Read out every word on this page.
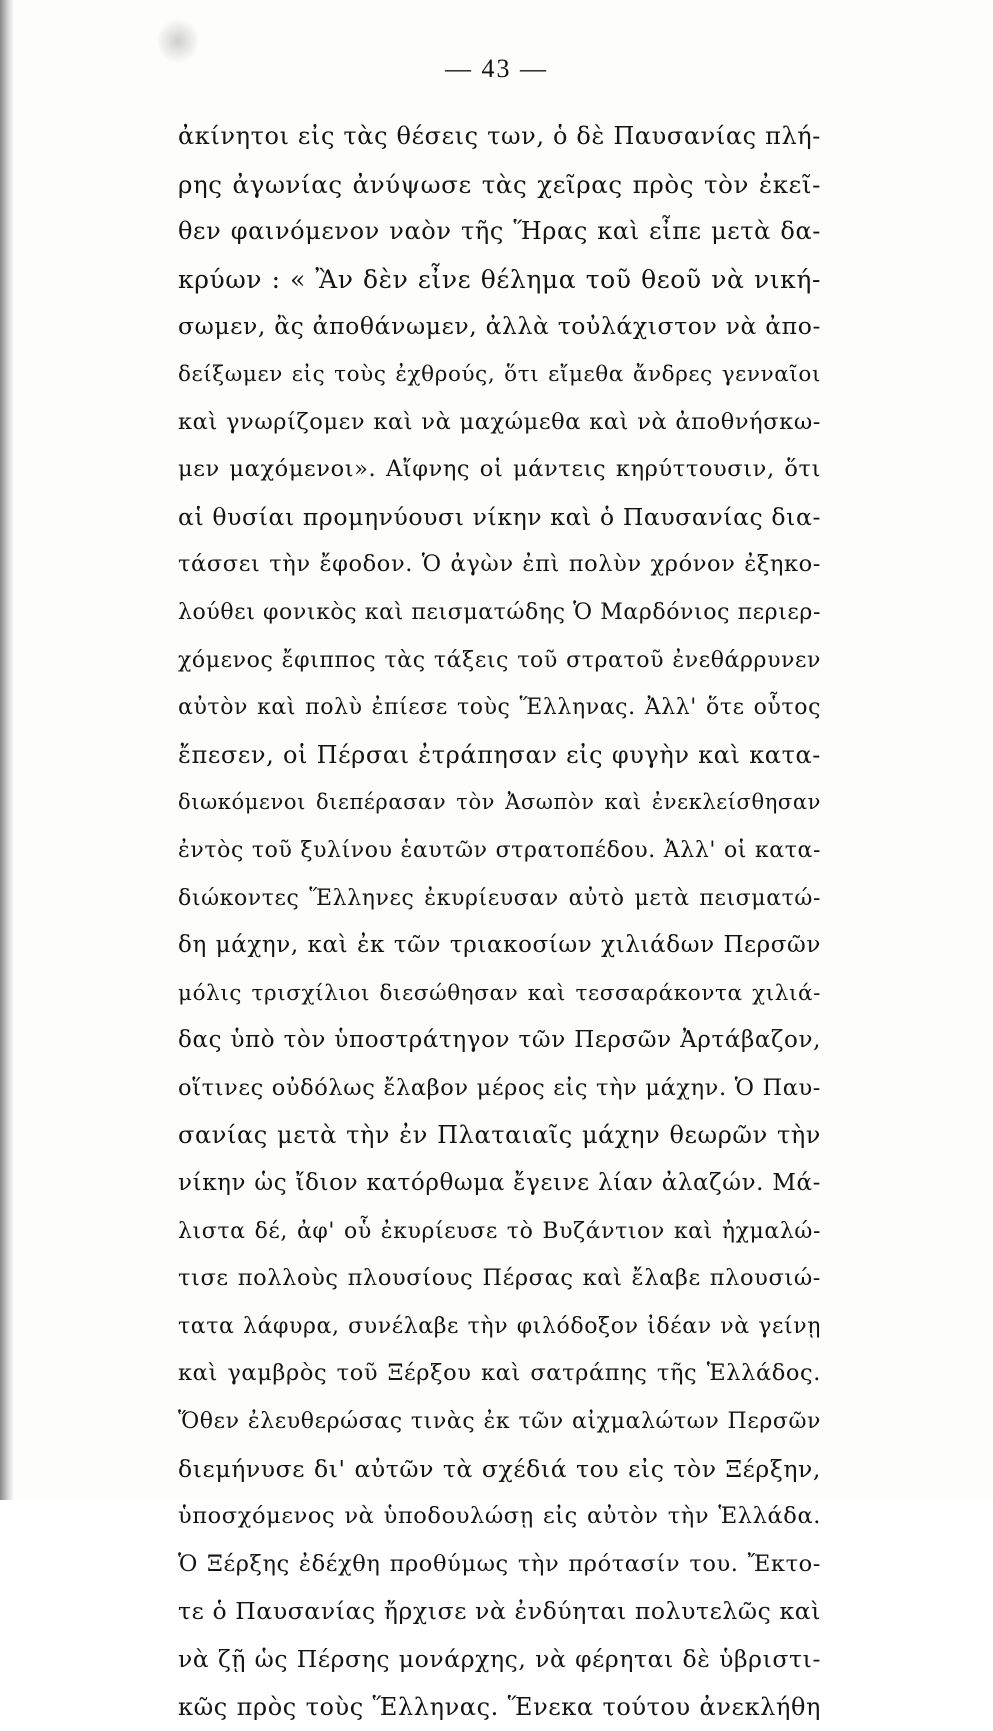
— 43 —
ἀκίνητοι εἰς τὰς θέσεις των, ὁ δὲ Παυσανίας πλή-
ρης ἀγωνίας ἀνύψωσε τὰς χεῖρας πρὸς τὸν ἐκεῖ-
θεν φαινόμενον ναὸν τῆς Ἥρας καὶ εἶπε μετὰ δα-
κρύων : « Ἂν δὲν εἶνε θέλημα τοῦ θεοῦ νὰ νική-
σωμεν, ἂς ἀποθάνωμεν, ἀλλὰ τοὐλάχιστον νὰ ἀπο-
δείξωμεν εἰς τοὺς ἐχθρούς, ὅτι εἴμεθα ἄνδρες γενναῖοι
καὶ γνωρίζομεν καὶ νὰ μαχώμεθα καὶ νὰ ἀποθνήσκω-
μεν μαχόμενοι». Αἴφνης οἱ μάντεις κηρύττουσιν, ὅτι
αἱ θυσίαι προμηνύουσι νίκην καὶ ὁ Παυσανίας δια-
τάσσει τὴν ἔφοδον. Ὁ ἀγὼν ἐπὶ πολὺν χρόνον ἐξηκο-
λούθει φονικὸς καὶ πεισματώδης Ὁ Μαρδόνιος περιερ-
χόμενος ἔφιππος τὰς τάξεις τοῦ στρατοῦ ἐνεθάρρυνεν
αὐτὸν καὶ πολὺ ἐπίεσε τοὺς Ἕλληνας. Ἀλλ' ὅτε οὗτος
ἔπεσεν, οἱ Πέρσαι ἐτράπησαν εἰς φυγὴν καὶ κατα-
διωκόμενοι διεπέρασαν τὸν Ἀσωπὸν καὶ ἐνεκλείσθησαν
ἐντὸς τοῦ ξυλίνου ἑαυτῶν στρατοπέδου. Ἀλλ' οἱ κατα-
διώκοντες Ἕλληνες ἐκυρίευσαν αὐτὸ μετὰ πεισματώ-
δη μάχην, καὶ ἐκ τῶν τριακοσίων χιλιάδων Περσῶν
μόλις τρισχίλιοι διεσώθησαν καὶ τεσσαράκοντα χιλιά-
δας ὑπὸ τὸν ὑποστράτηγον τῶν Περσῶν Ἀρτάβαζον,
οἵτινες οὐδόλως ἔλαβον μέρος εἰς τὴν μάχην. Ὁ Παυ-
σανίας μετὰ τὴν ἐν Πλαταιαῖς μάχην θεωρῶν τὴν
νίκην ὡς ἴδιον κατόρθωμα ἔγεινε λίαν ἀλαζών. Μά-
λιστα δέ, ἀφ' οὗ ἐκυρίευσε τὸ Βυζάντιον καὶ ἠχμαλώ-
τισε πολλοὺς πλουσίους Πέρσας καὶ ἔλαβε πλουσιώ-
τατα λάφυρα, συνέλαβε τὴν φιλόδοξον ἰδέαν νὰ γείνῃ
καὶ γαμβρὸς τοῦ Ξέρξου καὶ σατράπης τῆς Ἑλλάδος.
Ὅθεν ἐλευθερώσας τινὰς ἐκ τῶν αἰχμαλώτων Περσῶν
διεμήνυσε δι' αὐτῶν τὰ σχέδιά του εἰς τὸν Ξέρξην,
ὑποσχόμενος νὰ ὑποδουλώσῃ εἰς αὐτὸν τὴν Ἑλλάδα.
Ὁ Ξέρξης ἐδέχθη προθύμως τὴν πρότασίν του. Ἔκτο-
τε ὁ Παυσανίας ἤρχισε νὰ ἐνδύηται πολυτελῶς καὶ
νὰ ζῇ ὡς Πέρσης μονάρχης, νὰ φέρηται δὲ ὑβριστι-
κῶς πρὸς τοὺς Ἕλληνας. Ἕνεκα τούτου ἀνεκλήθη
